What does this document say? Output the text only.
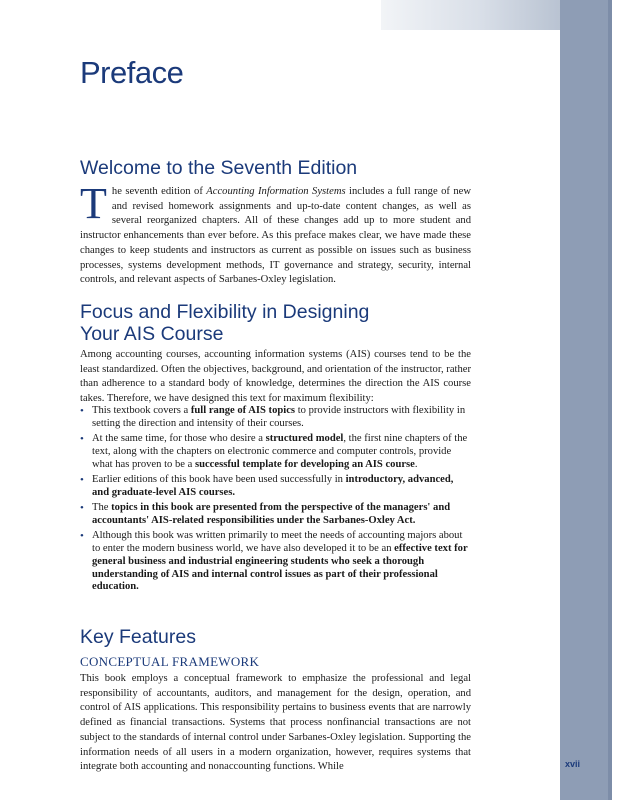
Preface
Welcome to the Seventh Edition

The seventh edition of Accounting Information Systems includes a full range of new and revised homework assignments and up-to-date content changes, as well as several reorganized chapters. All of these changes add up to more student and instructor enhancements than ever before. As this preface makes clear, we have made these changes to keep students and instructors as current as possible on issues such as business processes, systems development methods, IT governance and strategy, security, internal controls, and relevant aspects of Sarbanes-Oxley legislation.

Focus and Flexibility in Designing
Your AIS Course

Among accounting courses, accounting information systems (AIS) courses tend to be the least standardized. Often the objectives, background, and orientation of the instructor, rather than adherence to a standard body of knowledge, determines the direction the AIS course takes. Therefore, we have designed this text for maximum flexibility:

• This textbook covers a full range of AIS topics to provide instructors with flexibility in setting the direction and intensity of their courses.
• At the same time, for those who desire a structured model, the first nine chapters of the text, along with the chapters on electronic commerce and computer controls, provide what has proven to be a successful template for developing an AIS course.
• Earlier editions of this book have been used successfully in introductory, advanced, and graduate-level AIS courses.
• The topics in this book are presented from the perspective of the managers' and accountants' AIS-related responsibilities under the Sarbanes-Oxley Act.
• Although this book was written primarily to meet the needs of accounting majors about to enter the modern business world, we have also developed it to be an effective text for general business and industrial engineering students who seek a thorough understanding of AIS and internal control issues as part of their professional education.
Key Features
CONCEPTUAL FRAMEWORK

This book employs a conceptual framework to emphasize the professional and legal responsibility of accountants, auditors, and management for the design, operation, and control of AIS applications. This responsibility pertains to business events that are narrowly defined as financial transactions. Systems that process nonfinancial transactions are not subject to the standards of internal control under Sarbanes-Oxley legislation. Supporting the information needs of all users in a modern organization, however, requires systems that integrate both accounting and nonaccounting functions. While	xvii
